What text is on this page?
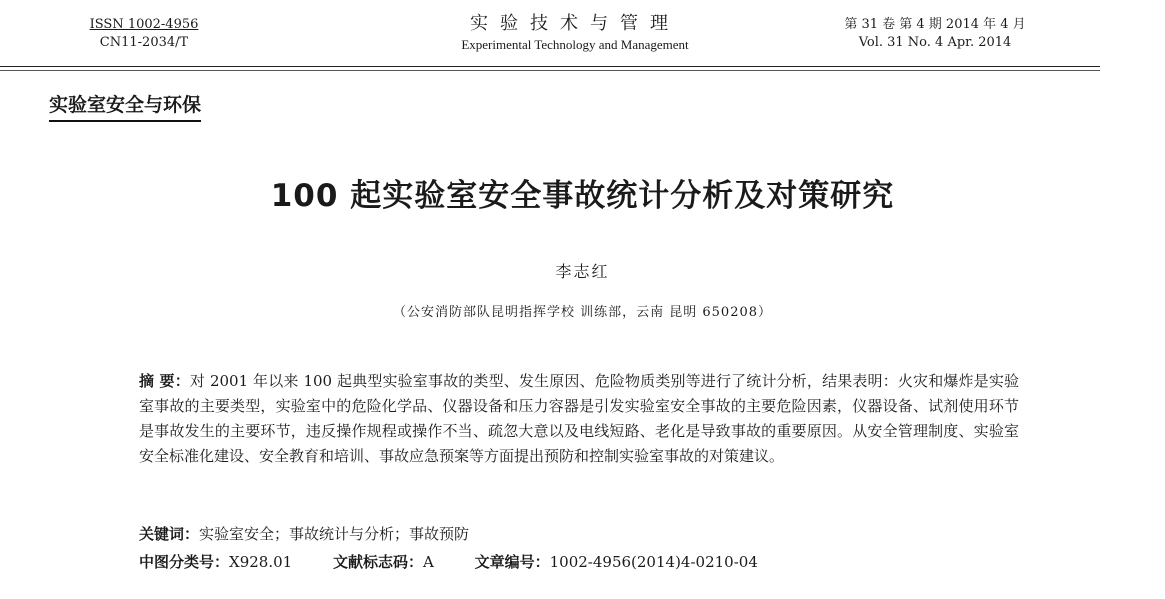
ISSN 1002-4956
CN11-2034/T
实验技术与管理
Experimental Technology and Management
第 31 卷 第 4 期 2014 年 4 月
Vol. 31 No. 4 Apr. 2014
实验室安全与环保
100 起实验室安全事故统计分析及对策研究
李志红
（公安消防部队昆明指挥学校 训练部，云南 昆明 650208）
摘 要：对 2001 年以来 100 起典型实验室事故的类型、发生原因、危险物质类别等进行了统计分析，结果表明：火灾和爆炸是实验室事故的主要类型，实验室中的危险化学品、仪器设备和压力容器是引发实验室安全事故的主要危险因素，仪器设备、试剂使用环节是事故发生的主要环节，违反操作规程或操作不当、疏忽大意以及电线短路、老化是导致事故的重要原因。从安全管理制度、实验室安全标准化建设、安全教育和培训、事故应急预案等方面提出预防和控制实验室事故的对策建议。
关键词：实验室安全；事故统计与分析；事故预防
中图分类号：X928.01	文献标志码：A	文章编号：1002-4956(2014)4-0210-04
